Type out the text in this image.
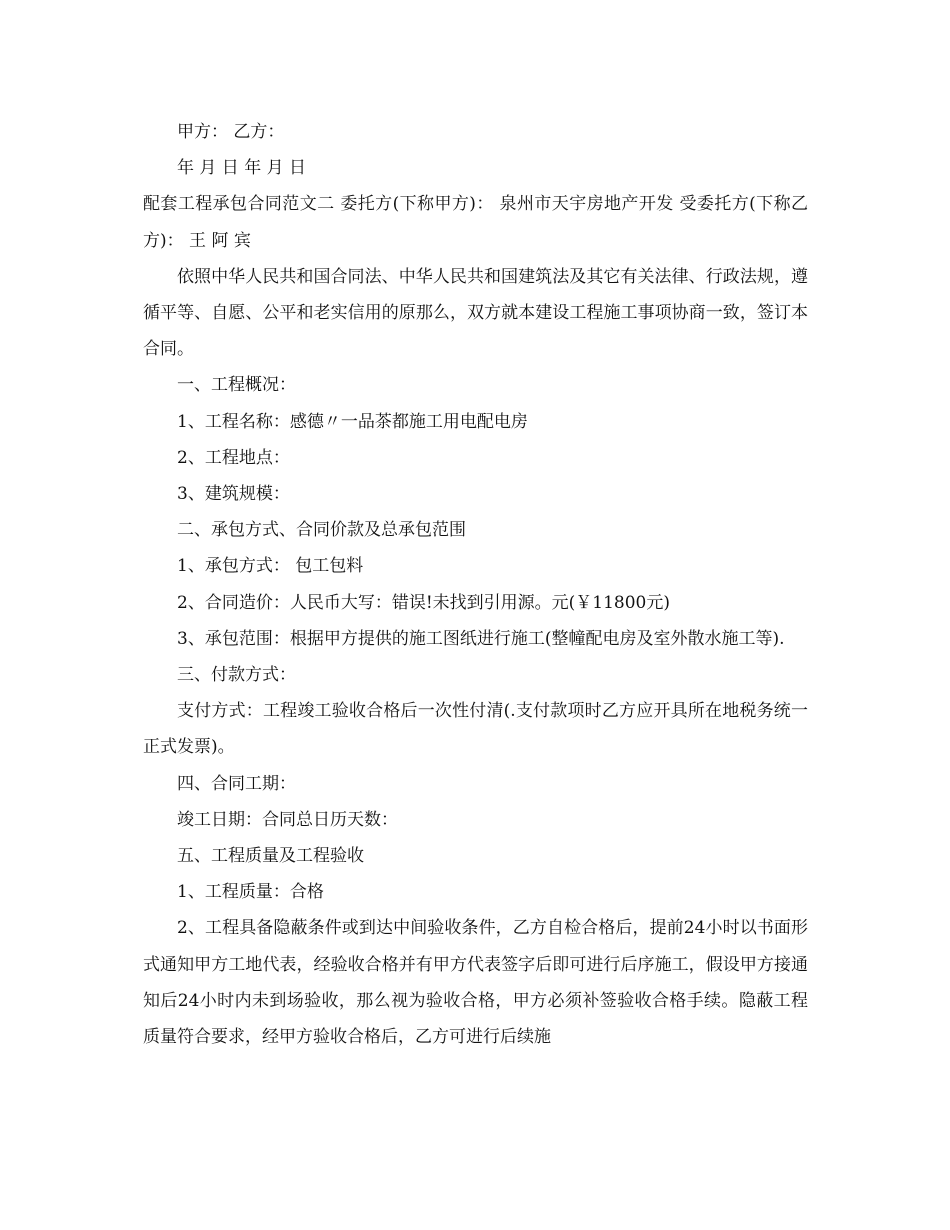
甲方： 乙方：

年 月 日 年 月 日

配套工程承包合同范文二 委托方(下称甲方)： 泉州市天宇房地产开发 受委托方(下称乙方)： 王 阿 宾

依照中华人民共和国合同法、中华人民共和国建筑法及其它有关法律、行政法规，遵循平等、自愿、公平和老实信用的原那么，双方就本建设工程施工事项协商一致，签订本合同。

一、工程概况：

1、工程名称：感德〃一品茶都施工用电配电房

2、工程地点：

3、建筑规模：

二、承包方式、合同价款及总承包范围

1、承包方式： 包工包料

2、合同造价：人民币大写：错误!未找到引用源。元(￥11800元)

3、承包范围：根据甲方提供的施工图纸进行施工(整幢配电房及室外散水施工等).

三、付款方式：

支付方式：工程竣工验收合格后一次性付清(.支付款项时乙方应开具所在地税务统一正式发票)。

四、合同工期：

竣工日期：合同总日历天数：

五、工程质量及工程验收

1、工程质量：合格

2、工程具备隐蔽条件或到达中间验收条件，乙方自检合格后，提前24小时以书面形式通知甲方工地代表，经验收合格并有甲方代表签字后即可进行后序施工，假设甲方接通知后24小时内未到场验收，那么视为验收合格，甲方必须补签验收合格手续。隐蔽工程质量符合要求，经甲方验收合格后，乙方可进行后续施
